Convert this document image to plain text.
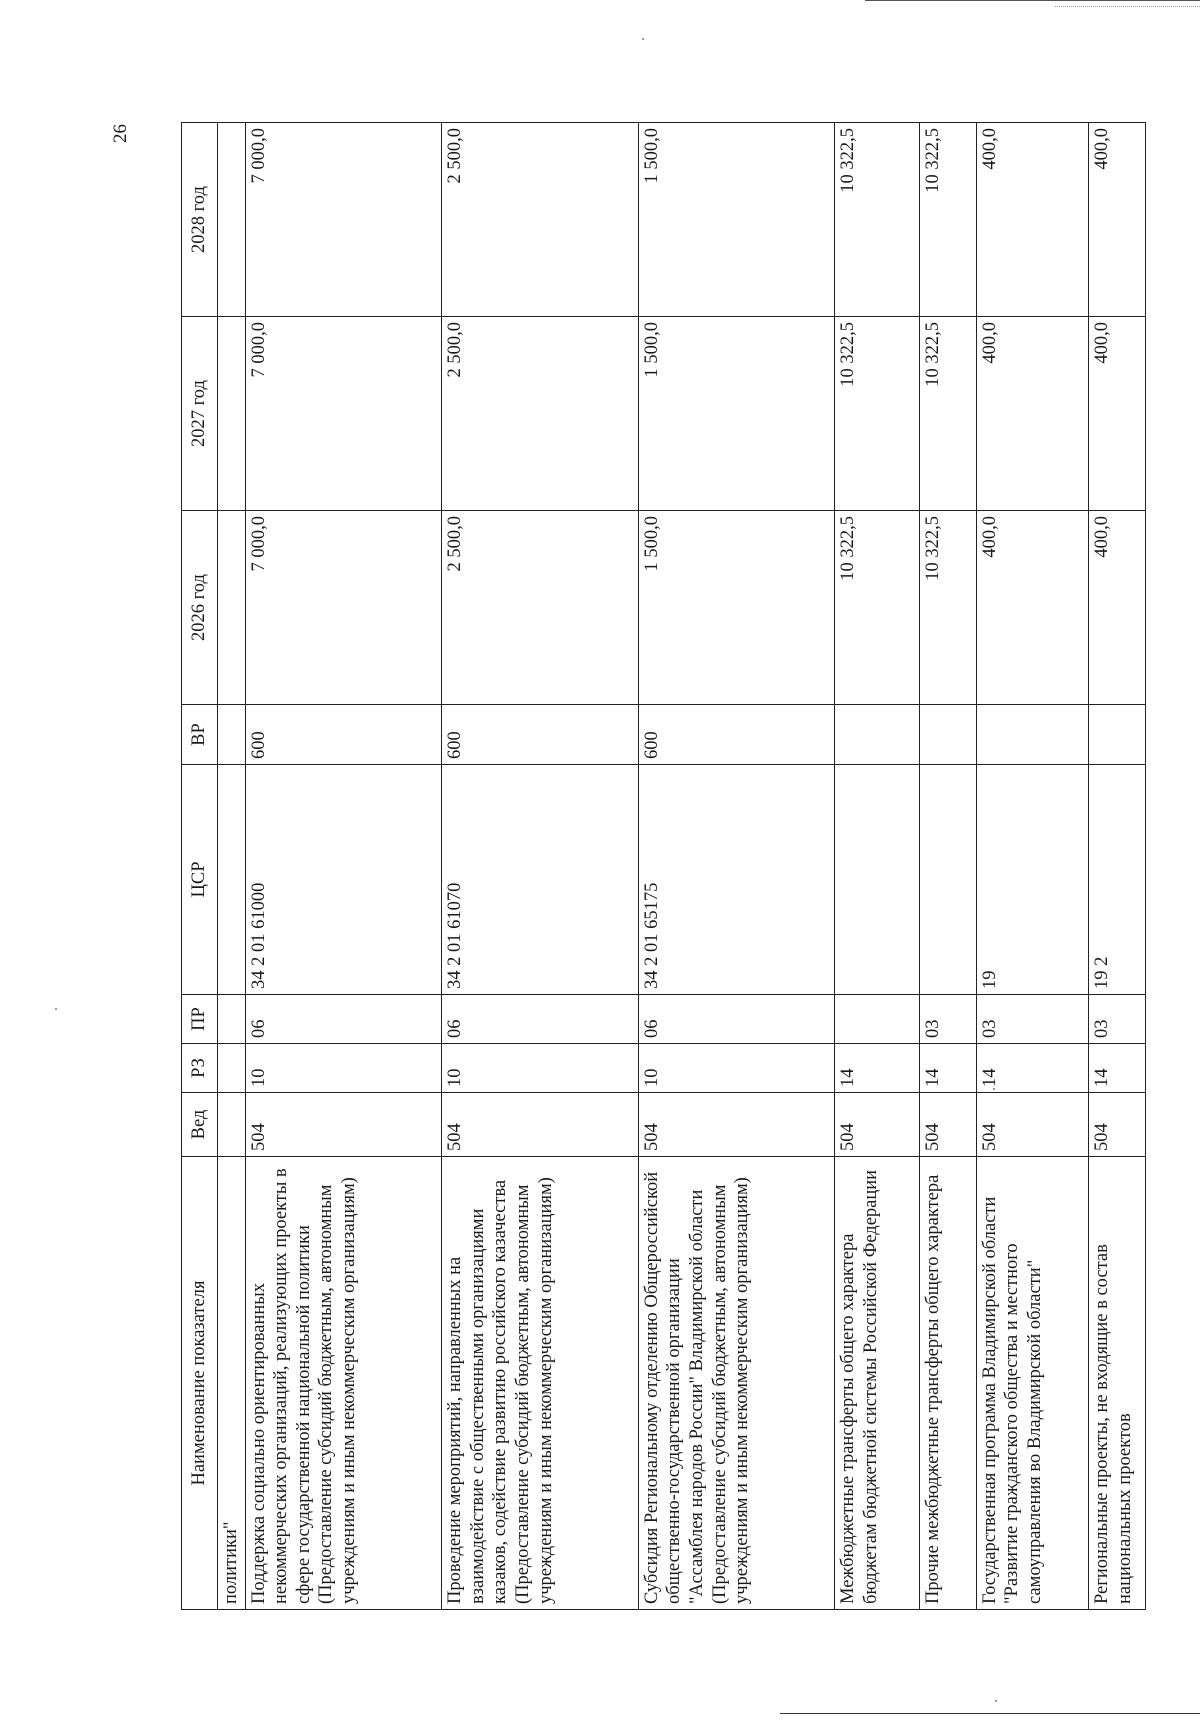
26
Наименование показателя	Вед	РЗ	ПР	ЦСР	ВР	2026 год	2027 год	2028 год
политики"								
Поддержка социально ориентированных некоммерческих организаций, реализующих проекты в сфере государственной национальной политики (Предоставление субсидий бюджетным, автономным учреждениям и иным некоммерческим организациям)	504	10	06	34 2 01 61000	600	7 000,0	7 000,0	7 000,0
Проведение мероприятий, направленных на взаимодействие с общественными организациями казаков, содействие развитию российского казачества (Предоставление субсидий бюджетным, автономным учреждениям и иным некоммерческим организациям)	504	10	06	34 2 01 61070	600	2 500,0	2 500,0	2 500,0
Субсидия Региональному отделению Общероссийской общественно-государственной организации "Ассамблея народов России" Владимирской области (Предоставление субсидий бюджетным, автономным учреждениям и иным некоммерческим организациям)	504	10	06	34 2 01 65175	600	1 500,0	1 500,0	1 500,0
Межбюджетные трансферты общего характера бюджетам бюджетной системы Российской Федерации	504	14				10 322,5	10 322,5	10 322,5
Прочие межбюджетные трансферты общего характера	504	14	03			10 322,5	10 322,5	10 322,5
Государственная программа Владимирской области "Развитие гражданского общества и местного самоуправления во Владимирской области"	504	14	03	19		400,0	400,0	400,0
Региональные проекты, не входящие в состав национальных проектов	504	14	03	19 2		400,0	400,0	400,0
